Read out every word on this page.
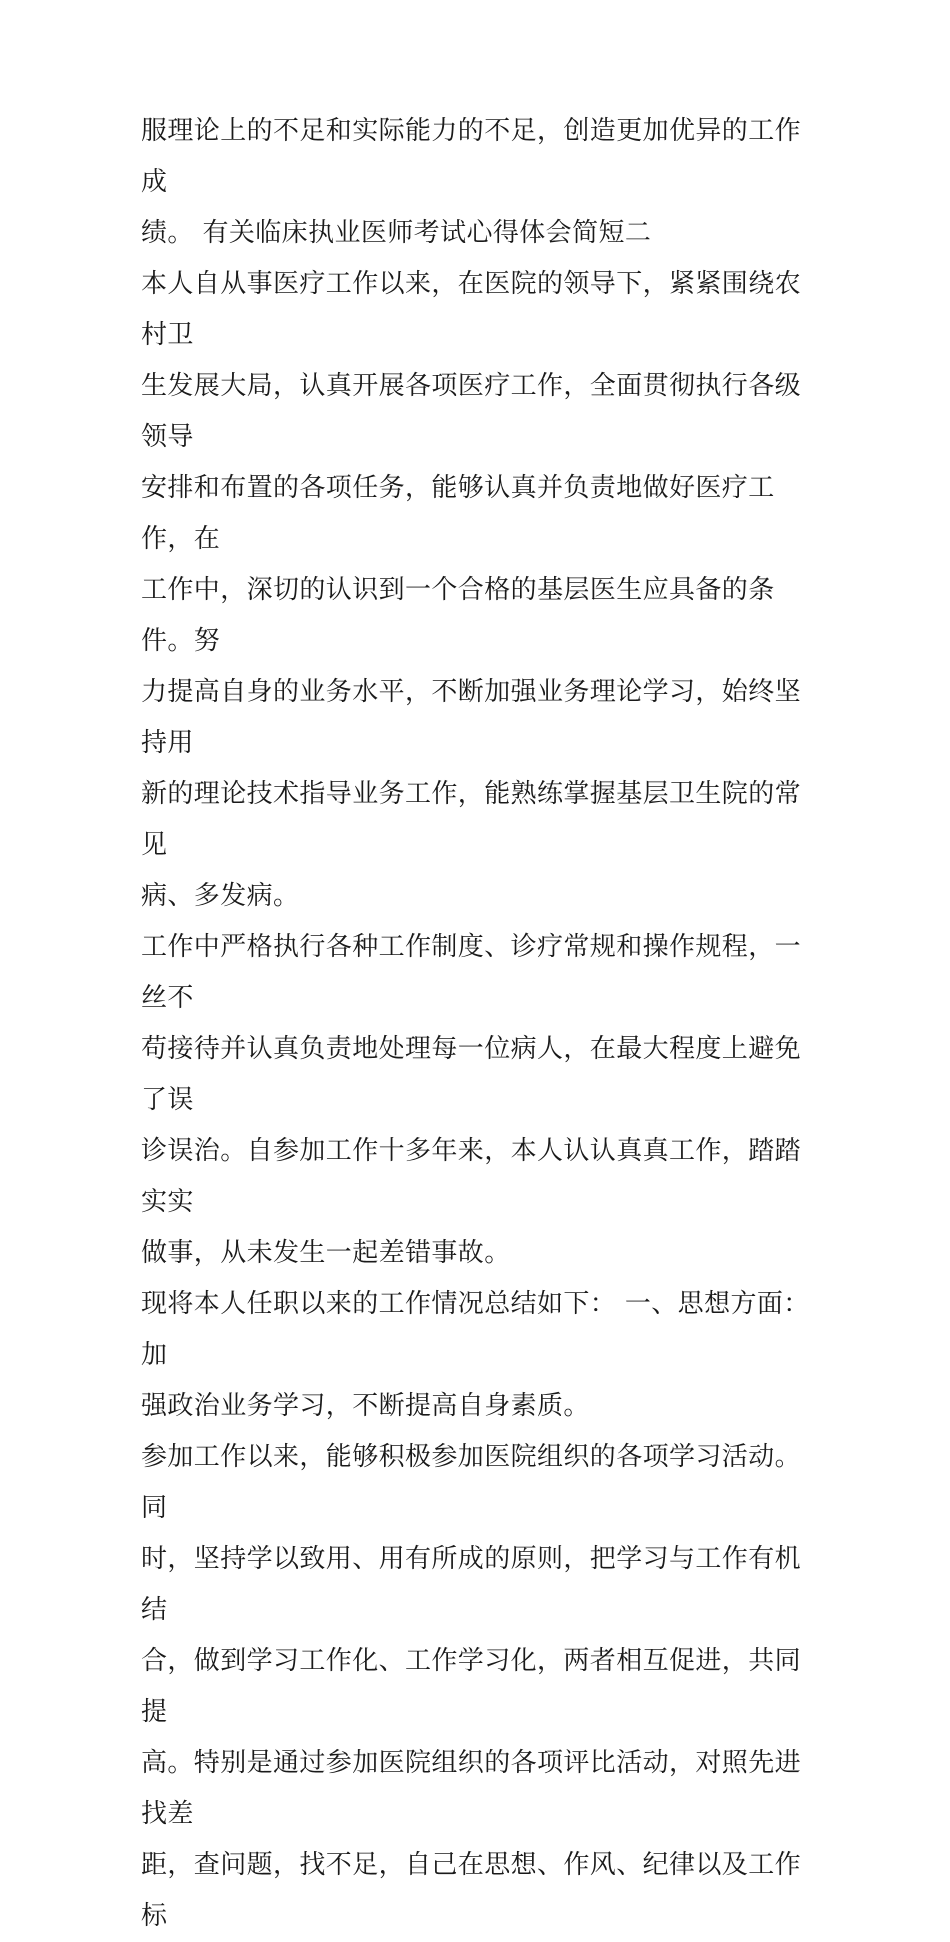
服理论上的不足和实际能力的不足，创造更加优异的工作成
绩。 有关临床执业医师考试心得体会简短二

本人自从事医疗工作以来，在医院的领导下，紧紧围绕农村卫
生发展大局，认真开展各项医疗工作，全面贯彻执行各级领导
安排和布置的各项任务，能够认真并负责地做好医疗工作，在
工作中，深切的认识到一个合格的基层医生应具备的条件。努
力提高自身的业务水平，不断加强业务理论学习，始终坚持用
新的理论技术指导业务工作，能熟练掌握基层卫生院的常见
病、多发病。

工作中严格执行各种工作制度、诊疗常规和操作规程，一丝不
苟接待并认真负责地处理每一位病人，在最大程度上避免了误
诊误治。自参加工作十多年来，本人认认真真工作，踏踏实实
做事，从未发生一起差错事故。

现将本人任职以来的工作情况总结如下： 一、思想方面：加
强政治业务学习，不断提高自身素质。

参加工作以来，能够积极参加医院组织的各项学习活动。同
时，坚持学以致用、用有所成的原则，把学习与工作有机结
合，做到学习工作化、工作学习化，两者相互促进，共同提
高。特别是通过参加医院组织的各项评比活动，对照先进找差
距，查问题，找不足，自己在思想、作风、纪律以及工作标
